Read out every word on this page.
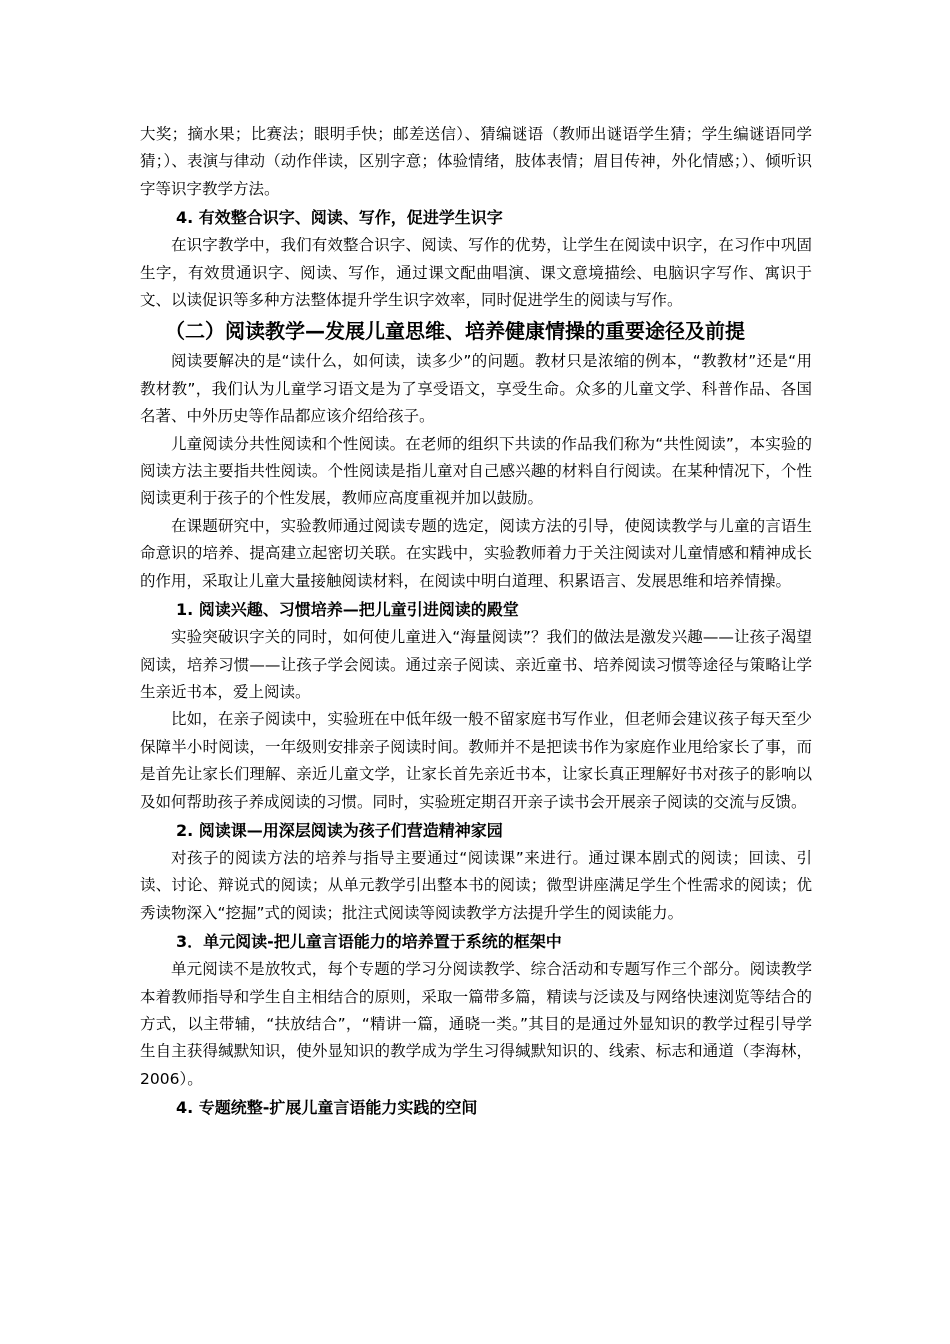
大奖；摘水果；比赛法；眼明手快；邮差送信）、猜编谜语（教师出谜语学生猜；学生编谜语同学猜；）、表演与律动（动作伴读，区别字意；体验情绪，肢体表情；眉目传神，外化情感；）、倾听识字等识字教学方法。

4. 有效整合识字、阅读、写作，促进学生识字

在识字教学中，我们有效整合识字、阅读、写作的优势，让学生在阅读中识字，在习作中巩固生字，有效贯通识字、阅读、写作，通过课文配曲唱演、课文意境描绘、电脑识字写作、寓识于文、以读促识等多种方法整体提升学生识字效率，同时促进学生的阅读与写作。

（二）阅读教学—发展儿童思维、培养健康情操的重要途径及前提

阅读要解决的是“读什么，如何读，读多少”的问题。教材只是浓缩的例本，“教教材”还是“用教材教”，我们认为儿童学习语文是为了享受语文，享受生命。众多的儿童文学、科普作品、各国名著、中外历史等作品都应该介绍给孩子。

儿童阅读分共性阅读和个性阅读。在老师的组织下共读的作品我们称为“共性阅读”，本实验的阅读方法主要指共性阅读。个性阅读是指儿童对自己感兴趣的材料自行阅读。在某种情况下，个性阅读更利于孩子的个性发展，教师应高度重视并加以鼓励。

在课题研究中，实验教师通过阅读专题的选定，阅读方法的引导，使阅读教学与儿童的言语生命意识的培养、提高建立起密切关联。在实践中，实验教师着力于关注阅读对儿童情感和精神成长的作用，采取让儿童大量接触阅读材料，在阅读中明白道理、积累语言、发展思维和培养情操。

1. 阅读兴趣、习惯培养—把儿童引进阅读的殿堂

实验突破识字关的同时，如何使儿童进入“海量阅读”？我们的做法是激发兴趣——让孩子渴望阅读，培养习惯——让孩子学会阅读。通过亲子阅读、亲近童书、培养阅读习惯等途径与策略让学生亲近书本，爱上阅读。

比如，在亲子阅读中，实验班在中低年级一般不留家庭书写作业，但老师会建议孩子每天至少保障半小时阅读，一年级则安排亲子阅读时间。教师并不是把读书作为家庭作业甩给家长了事，而是首先让家长们理解、亲近儿童文学，让家长首先亲近书本，让家长真正理解好书对孩子的影响以及如何帮助孩子养成阅读的习惯。同时，实验班定期召开亲子读书会开展亲子阅读的交流与反馈。

2. 阅读课—用深层阅读为孩子们营造精神家园

对孩子的阅读方法的培养与指导主要通过“阅读课”来进行。通过课本剧式的阅读；回读、引读、讨论、辩说式的阅读；从单元教学引出整本书的阅读；微型讲座满足学生个性需求的阅读；优秀读物深入“挖掘”式的阅读；批注式阅读等阅读教学方法提升学生的阅读能力。

3．单元阅读-把儿童言语能力的培养置于系统的框架中

单元阅读不是放牧式，每个专题的学习分阅读教学、综合活动和专题写作三个部分。阅读教学本着教师指导和学生自主相结合的原则，采取一篇带多篇，精读与泛读及与网络快速浏览等结合的方式，以主带辅，“扶放结合”，“精讲一篇，通晓一类。”其目的是通过外显知识的教学过程引导学生自主获得缄默知识，使外显知识的教学成为学生习得缄默知识的、线索、标志和通道（李海林，2006）。

4. 专题统整-扩展儿童言语能力实践的空间
